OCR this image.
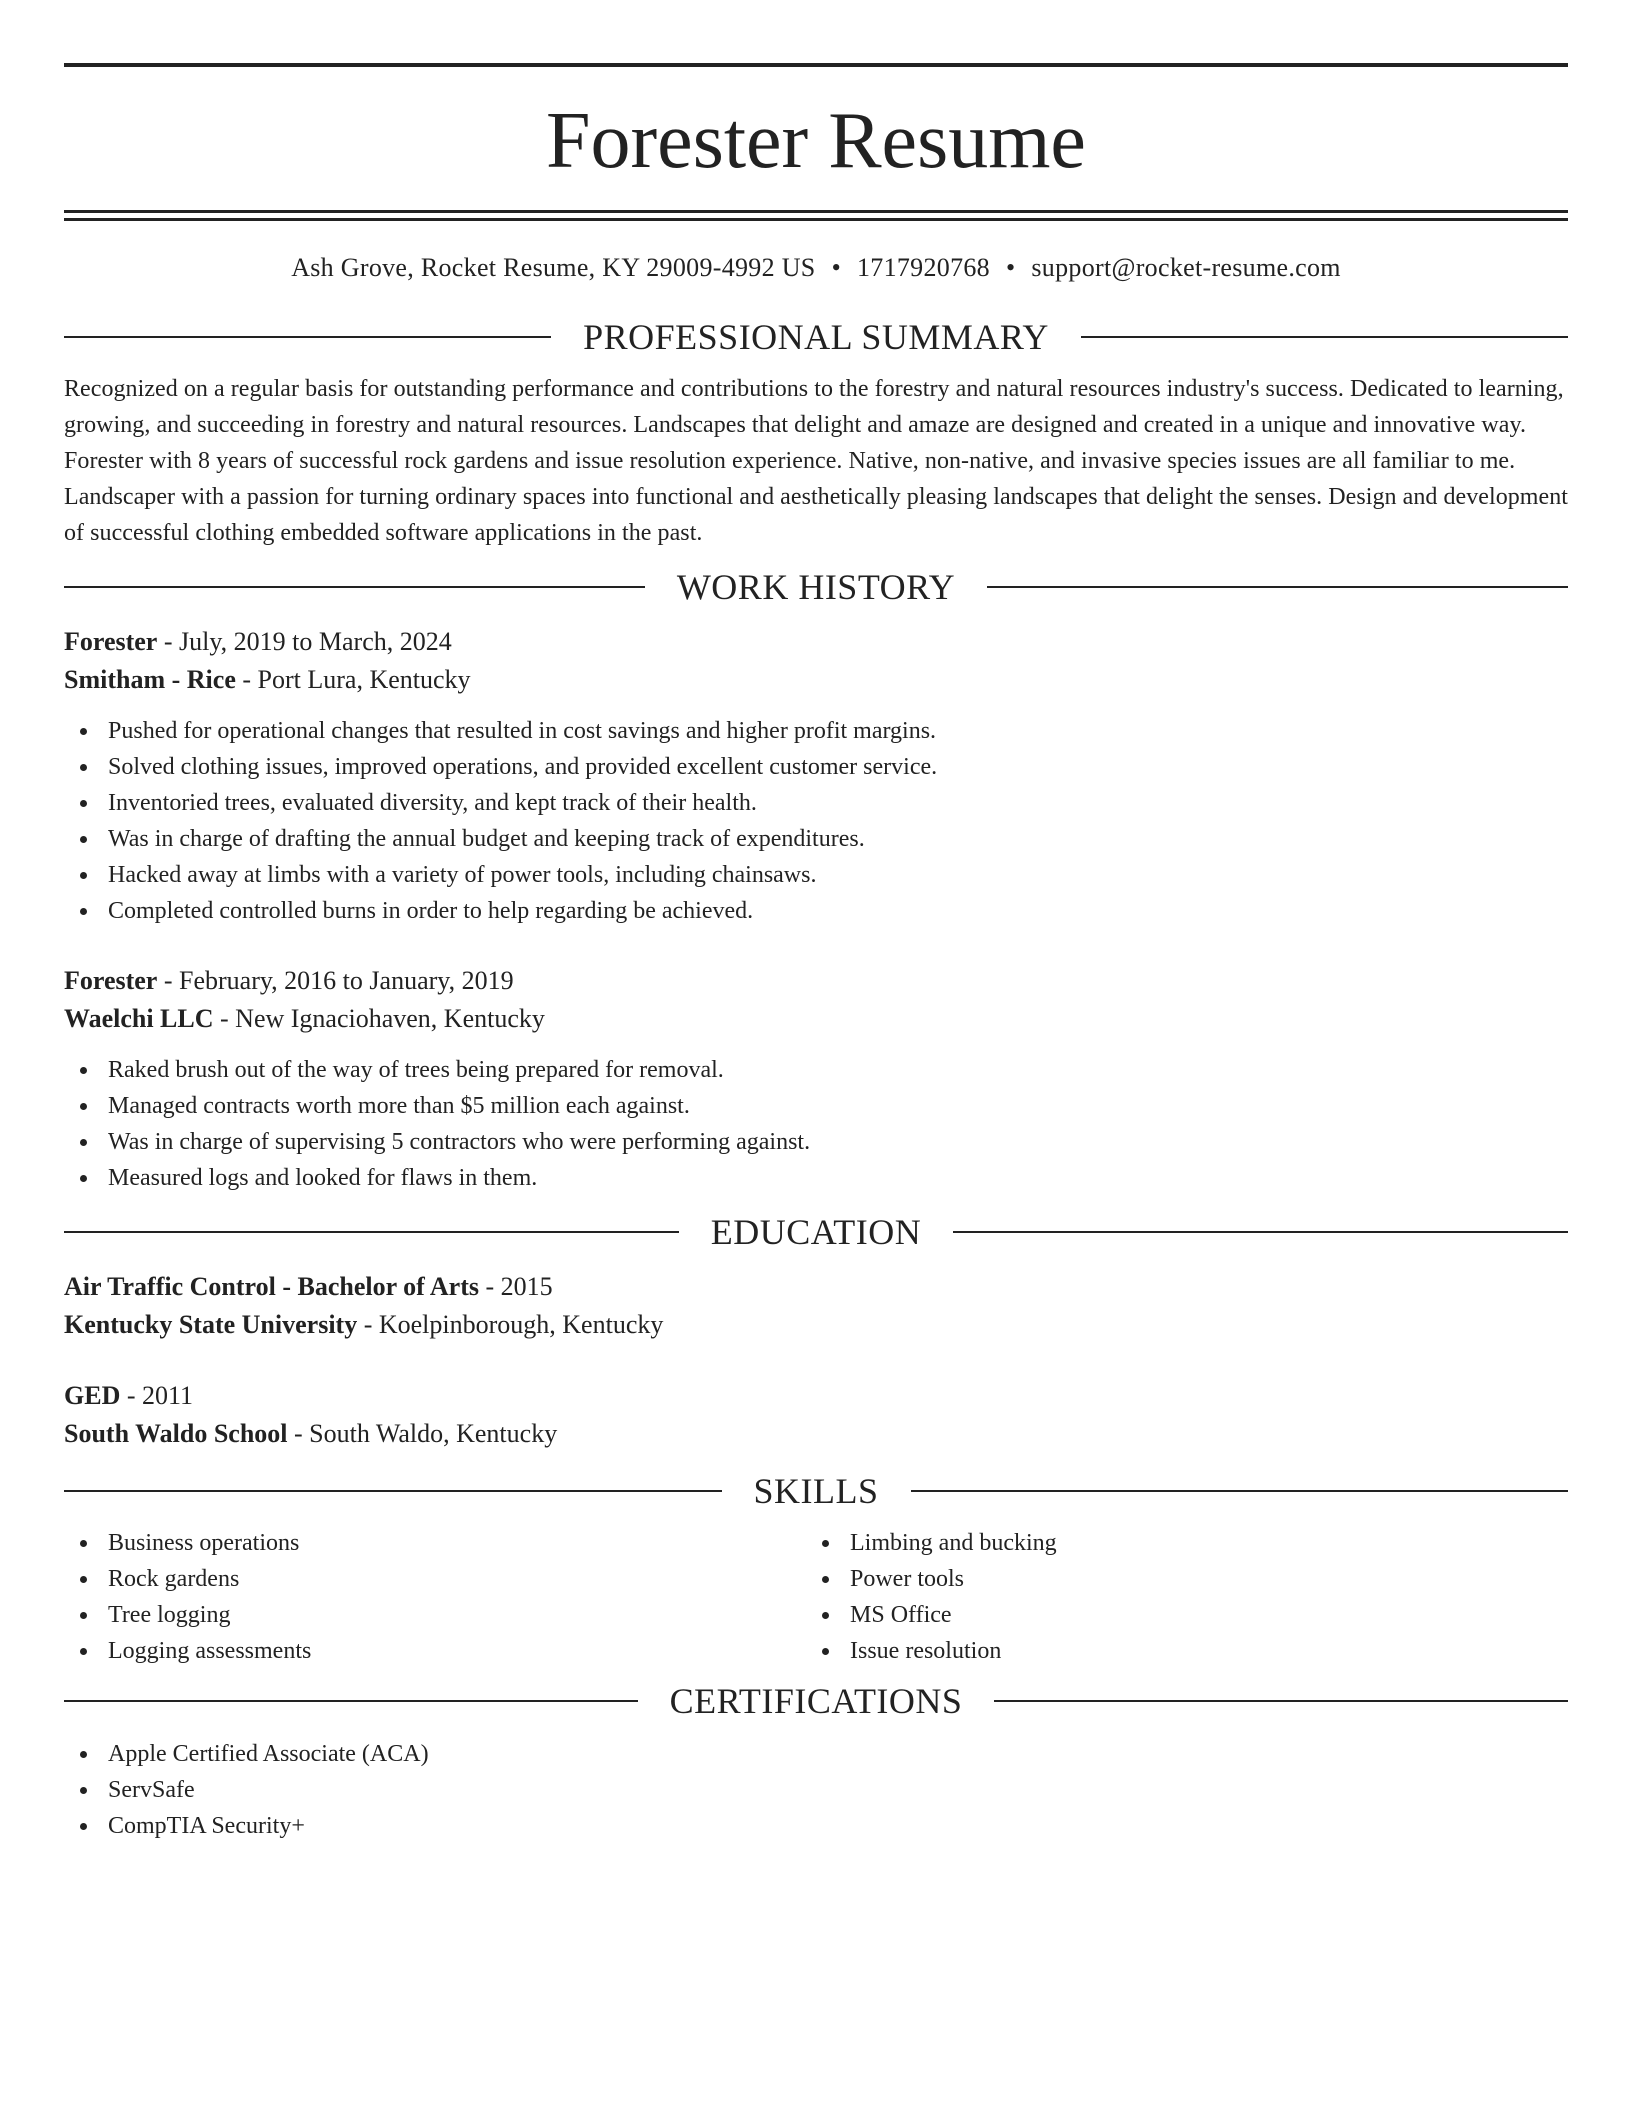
Forester Resume
Ash Grove, Rocket Resume, KY 29009-4992 US • 1717920768 • support@rocket-resume.com
PROFESSIONAL SUMMARY

Recognized on a regular basis for outstanding performance and contributions to the forestry and natural resources industry's success. Dedicated to learning, growing, and succeeding in forestry and natural resources. Landscapes that delight and amaze are designed and created in a unique and innovative way. Forester with 8 years of successful rock gardens and issue resolution experience. Native, non-native, and invasive species issues are all familiar to me. Landscaper with a passion for turning ordinary spaces into functional and aesthetically pleasing landscapes that delight the senses. Design and development of successful clothing embedded software applications in the past.

WORK HISTORY
Forester - July, 2019 to March, 2024
Smitham - Rice - Port Lura, Kentucky
Pushed for operational changes that resulted in cost savings and higher profit margins.
Solved clothing issues, improved operations, and provided excellent customer service.
Inventoried trees, evaluated diversity, and kept track of their health.
Was in charge of drafting the annual budget and keeping track of expenditures.
Hacked away at limbs with a variety of power tools, including chainsaws.
Completed controlled burns in order to help regarding be achieved.
Forester - February, 2016 to January, 2019
Waelchi LLC - New Ignaciohaven, Kentucky
Raked brush out of the way of trees being prepared for removal.
Managed contracts worth more than $5 million each against.
Was in charge of supervising 5 contractors who were performing against.
Measured logs and looked for flaws in them.
EDUCATION
Air Traffic Control - Bachelor of Arts - 2015
Kentucky State University - Koelpinborough, Kentucky
GED - 2011
South Waldo School - South Waldo, Kentucky
SKILLS
Business operations
Rock gardens
Tree logging
Logging assessments
Limbing and bucking
Power tools
MS Office
Issue resolution
CERTIFICATIONS
Apple Certified Associate (ACA)
ServSafe
CompTIA Security+
